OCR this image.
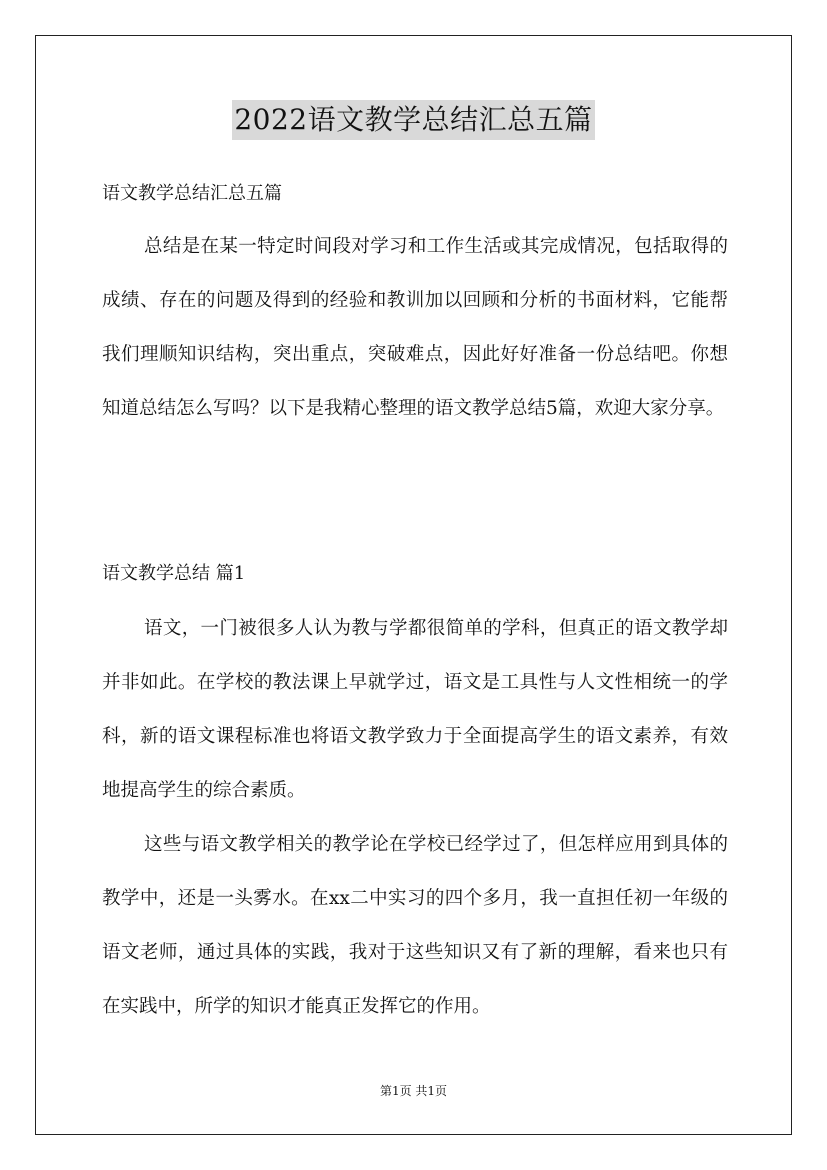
2022语文教学总结汇总五篇
语文教学总结汇总五篇

总结是在某一特定时间段对学习和工作生活或其完成情况，包括取得的成绩、存在的问题及得到的经验和教训加以回顾和分析的书面材料，它能帮我们理顺知识结构，突出重点，突破难点，因此好好准备一份总结吧。你想知道总结怎么写吗？以下是我精心整理的语文教学总结5篇，欢迎大家分享。

语文教学总结 篇1

语文，一门被很多人认为教与学都很简单的学科，但真正的语文教学却并非如此。在学校的教法课上早就学过，语文是工具性与人文性相统一的学科，新的语文课程标准也将语文教学致力于全面提高学生的语文素养，有效地提高学生的综合素质。

这些与语文教学相关的教学论在学校已经学过了，但怎样应用到具体的教学中，还是一头雾水。在xx二中实习的四个多月，我一直担任初一年级的语文老师，通过具体的实践，我对于这些知识又有了新的理解，看来也只有在实践中，所学的知识才能真正发挥它的作用。

第1页 共1页
